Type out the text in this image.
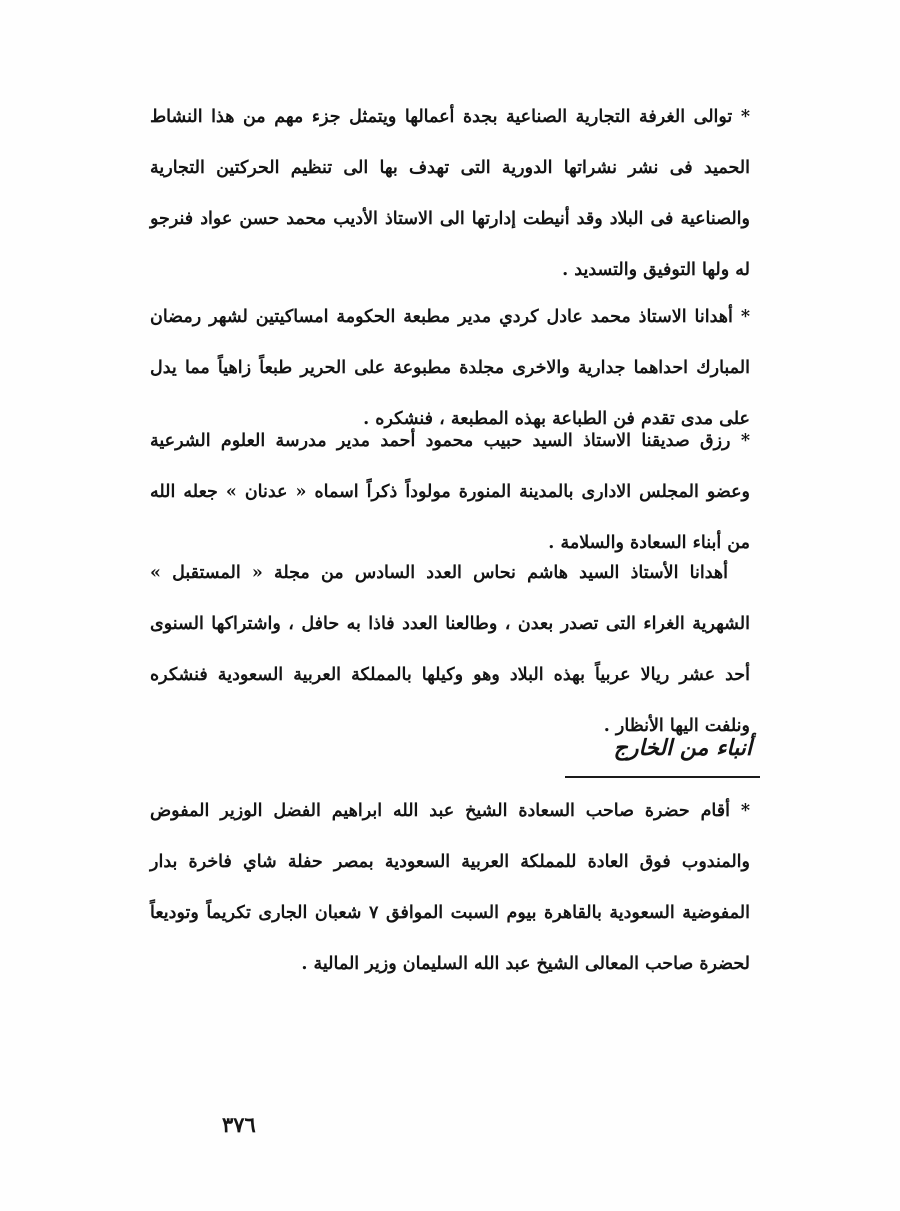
* توالى الغرفة التجارية الصناعية بجدة أعمالها ويتمثل جزء مهم من هذا النشاط الحميد فى نشر نشراتها الدورية التى تهدف بها الى تنظيم الحركتين التجارية والصناعية فى البلاد وقد أنيطت إدارتها الى الاستاذ الأديب محمد حسن عواد فنرجو له ولها التوفيق والتسديد .

* أهدانا الاستاذ محمد عادل كردي مدير مطبعة الحكومة امساكيتين لشهر رمضان المبارك احداهما جدارية والاخرى مجلدة مطبوعة على الحرير طبعاً زاهياً مما يدل على مدى تقدم فن الطباعة بهذه المطبعة ، فنشكره .

* رزق صديقنا الاستاذ السيد حبيب محمود أحمد مدير مدرسة العلوم الشرعية وعضو المجلس الادارى بالمدينة المنورة مولوداً ذكراً اسماه « عدنان » جعله الله من أبناء السعادة والسلامة .

أهدانا الأستاذ السيد هاشم نحاس العدد السادس من مجلة « المستقبل » الشهرية الغراء التى تصدر بعدن ، وطالعنا العدد فاذا به حافل ، واشتراكها السنوى أحد عشر ريالا عربياً بهذه البلاد وهو وكيلها بالمملكة العربية السعودية فنشكره ونلفت اليها الأنظار .

أنباء من الخارج

* أقام حضرة صاحب السعادة الشيخ عبد الله ابراهيم الفضل الوزير المفوض والمندوب فوق العادة للمملكة العربية السعودية بمصر حفلة شاي فاخرة بدار المفوضية السعودية بالقاهرة بيوم السبت الموافق ٧ شعبان الجارى تكريماً وتوديعاً لحضرة صاحب المعالى الشيخ عبد الله السليمان وزير المالية .

٣٧٦
